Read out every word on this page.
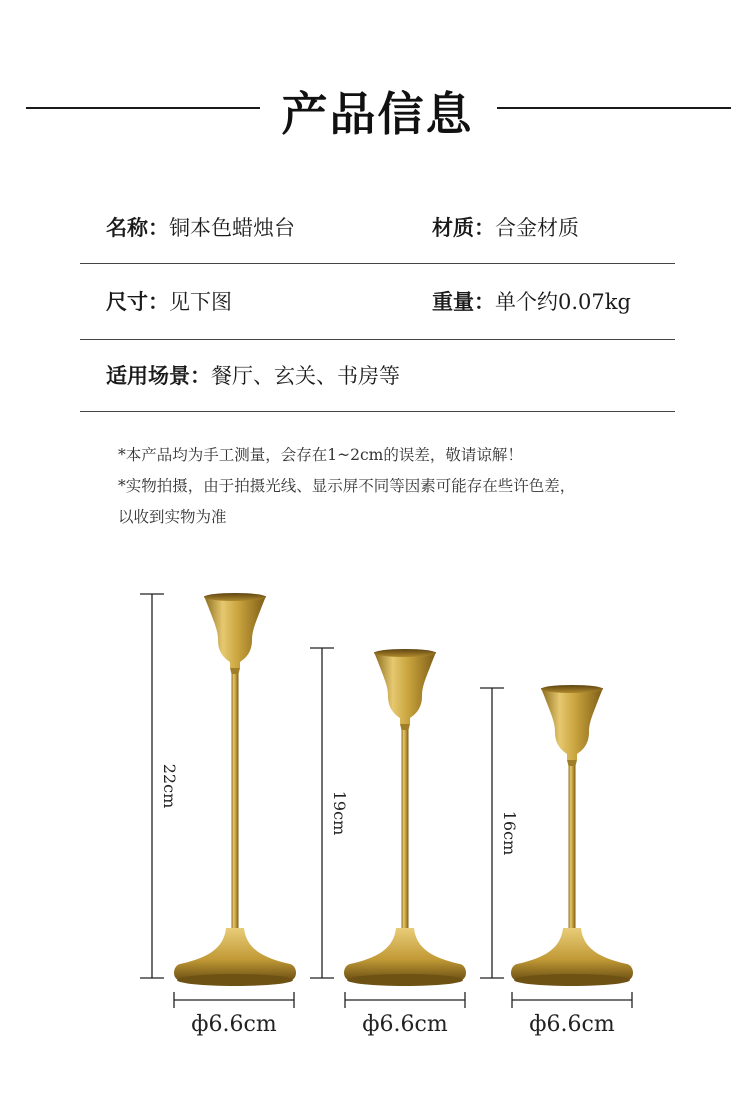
产品信息
名称：铜本色蜡烛台	材质：合金材质
尺寸：见下图	重量：单个约0.07kg
适用场景：餐厅、玄关、书房等
*本产品均为手工测量，会存在1~2cm的误差，敬请谅解！
*实物拍摄，由于拍摄光线、显示屏不同等因素可能存在些许色差，
以收到实物为准
22cm
19cm	16cm
ф6.6cm	ф6.6cm	ф6.6cm
